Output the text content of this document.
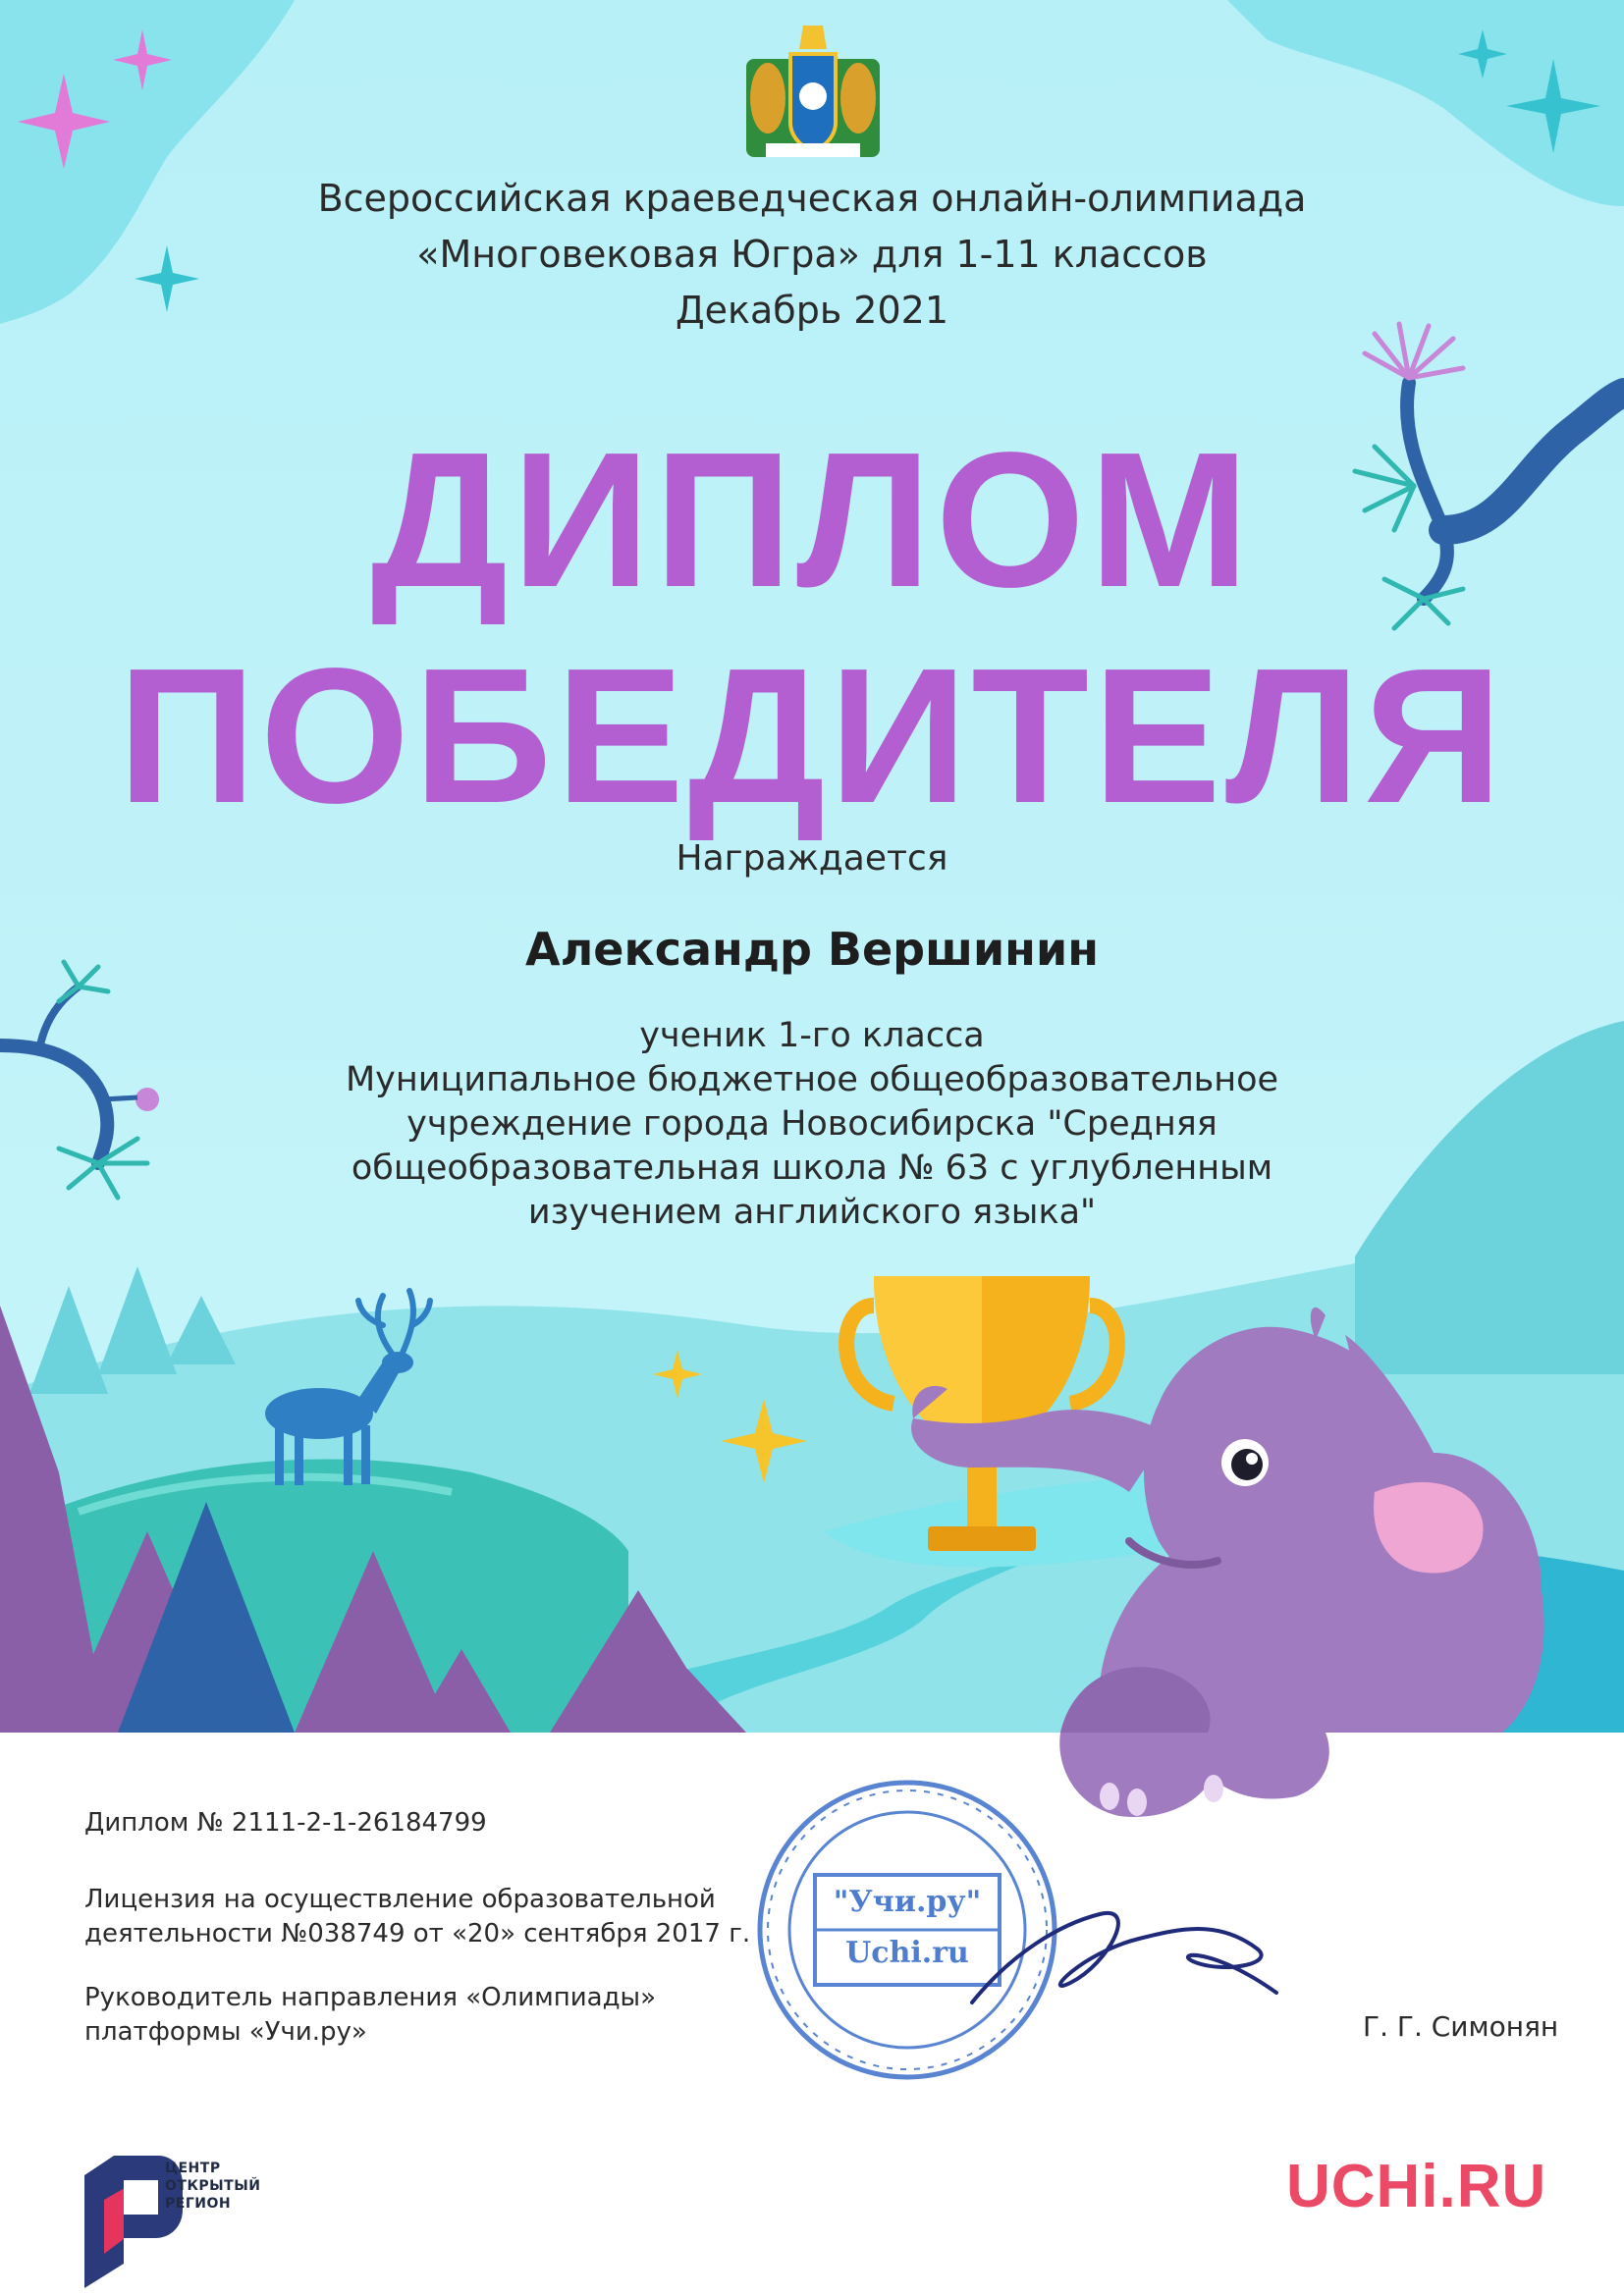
Всероссийская краеведческая онлайн-олимпиада

«Многовековая Югра» для 1-11 классов

Декабрь 2021

ДИПЛОМ

ПОБЕДИТЕЛЯ

Награждается

Александр Вершинин

ученик 1-го класса

Муниципальное бюджетное общеобразовательное

учреждение города Новосибирска "Средняя

общеобразовательная школа № 63 с углубленным

изучением английского языка"

Диплом № 2111-2-1-26184799

Лицензия на осуществление образовательной

деятельности №038749 от «20» сентября 2017 г.

Руководитель направления «Олимпиады»

платформы «Учи.ру»	Г. Г. Симонян

"Учи.ру"
Uchi.ru
ЦЕНТР
ОТКРЫТЫЙ
РЕГИОН	UCHi.RU
